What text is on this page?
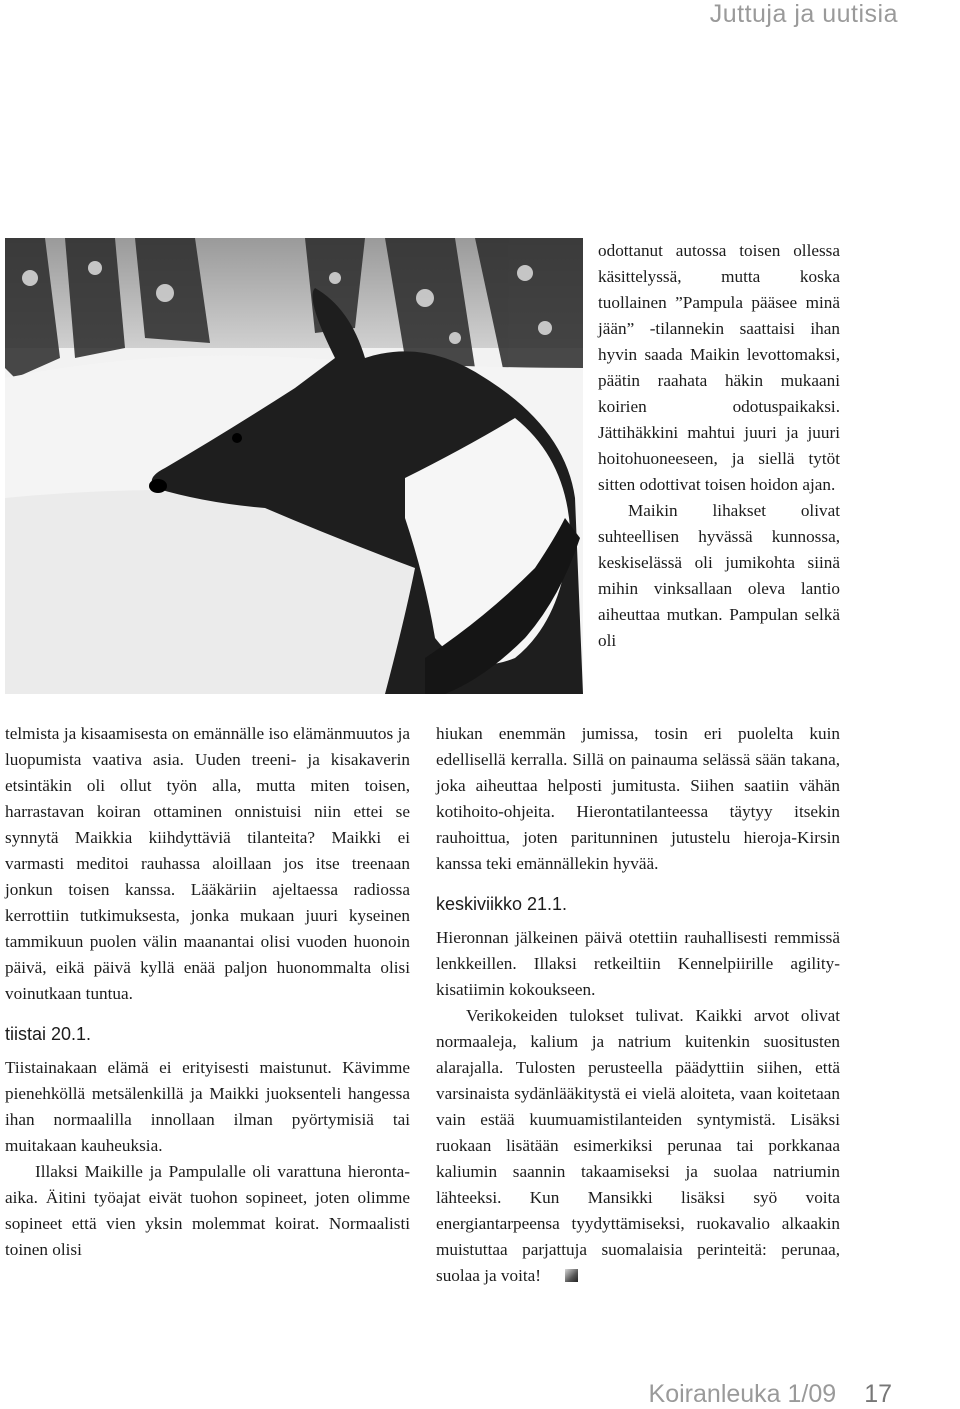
Juttuja ja uutisia

telmista ja kisaamisesta on emännälle iso elämänmuutos ja luopumista vaativa asia. Uuden treeni- ja kisakaverin etsintäkin oli ollut työn alla, mutta miten toisen, harrastavan koiran ottaminen onnistuisi niin ettei se synnytä Maikkia kiihdyttäviä tilanteita? Maikki ei varmasti meditoi rauhassa aloillaan jos itse treenaan jonkun toisen kanssa. Lääkäriin ajeltaessa radiossa kerrottiin tutkimuksesta, jonka mukaan juuri kyseinen tammikuun puolen välin maanantai olisi vuoden huonoin päivä, eikä päivä kyllä enää paljon huonommalta olisi voinutkaan tuntua.

tiistai 20.1.

Tiistainakaan elämä ei erityisesti maistunut. Kävimme pienehköllä metsälenkillä ja Maikki juoksenteli hangessa ihan normaalilla innollaan ilman pyörtymisiä tai muitakaan kauheuksia.

Illaksi Maikille ja Pampulalle oli varattuna hieronta-aika. Äitini työajat eivät tuohon sopineet, joten olimme sopineet että vien yksin molemmat koirat. Normaalisti toinen olisi

odottanut autossa toisen ollessa käsittelyssä, mutta koska tuollainen ”Pampula pääsee minä jään” -tilannekin saattaisi ihan hyvin saada Maikin levottomaksi, päätin raahata häkin mukaani koirien odotuspaikaksi. Jättihäkkini mahtui juuri ja juuri hoitohuoneeseen, ja siellä tytöt sitten odottivat toisen hoidon ajan.

Maikin lihakset olivat suhteellisen hyvässä kunnossa, keskiselässä oli jumikohta siinä mihin vinksallaan oleva lantio aiheuttaa mutkan. Pampulan selkä oli

hiukan enemmän jumissa, tosin eri puolelta kuin edellisellä kerralla. Sillä on painauma selässä sään takana, joka aiheuttaa helposti jumitusta. Siihen saatiin vähän kotihoito-ohjeita. Hierontatilanteessa täytyy itsekin rauhoittua, joten paritunninen jutustelu hieroja-Kirsin kanssa teki emännällekin hyvää.

keskiviikko 21.1.

Hieronnan jälkeinen päivä otettiin rauhallisesti remmissä lenkkeillen. Illaksi retkeiltiin Kennelpiirille agility-kisatiimin kokoukseen.

Verikokeiden tulokset tulivat. Kaikki arvot olivat normaaleja, kalium ja natrium kuitenkin suositusten alarajalla. Tulosten perusteella päädyttiin siihen, että varsinaista sydänlääkitystä ei vielä aloiteta, vaan koitetaan vain estää kuumuamistilanteiden syntymistä. Lisäksi ruokaan lisätään esimerkiksi perunaa tai porkkanaa kaliumin saannin takaamiseksi ja suolaa natriumin lähteeksi. Kun Mansikki lisäksi syö voita energiantarpeensa tyydyttämiseksi, ruokavalio alkaakin muistuttaa parjattuja suomalaisia perinteitä: perunaa, suolaa ja voita!

Koiranleuka 1/09 17
